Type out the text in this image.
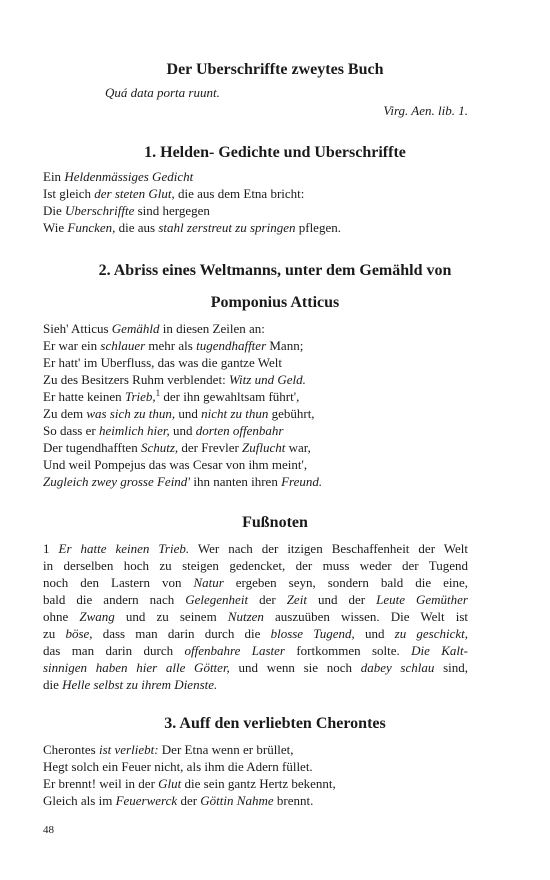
Der Uberschriffte zweytes Buch
Quá data porta ruunt.
Virg. Aen. lib. 1.
1. Helden- Gedichte und Uberschriffte
Ein Heldenmässiges Gedicht
Ist gleich der steten Glut, die aus dem Etna bricht:
Die Uberschriffte sind hergegen
Wie Funcken, die aus stahl zerstreut zu springen pflegen.
2. Abriss eines Weltmanns, unter dem Gemähld von
Pomponius Atticus
Sieh' Atticus Gemähld in diesen Zeilen an:
Er war ein schlauer mehr als tugendhaffter Mann;
Er hatt' im Uberfluss, das was die gantze Welt
Zu des Besitzers Ruhm verblendet: Witz und Geld.
Er hatte keinen Trieb,$^1$ der ihn gewahltsam führt',
Zu dem was sich zu thun, und nicht zu thun gebührt,
So dass er heimlich hier, und dorten offenbahr
Der tugendhafften Schutz, der Frevler Zuflucht war,
Und weil Pompejus das was Cesar von ihm meint',
Zugleich zwey grosse Feind' ihn nanten ihren Freund.
Fußnoten
1 Er hatte keinen Trieb. Wer nach der itzigen Beschaffenheit der Welt
in derselben hoch zu steigen gedencket, der muss weder der Tugend
noch den Lastern von Natur ergeben seyn, sondern bald die eine,
bald die andern nach Gelegenheit der Zeit und der Leute Gemüther
ohne Zwang und zu seinem Nutzen auszuüben wissen. Die Welt ist
zu böse, dass man darin durch die blosse Tugend, und zu geschickt,
das man darin durch offenbahre Laster fortkommen solte. Die Kalt-
sinnigen haben hier alle Götter, und wenn sie noch dabey schlau sind,
die Helle selbst zu ihrem Dienste.
3. Auff den verliebten Cherontes
Cherontes ist verliebt: Der Etna wenn er brüllet,
Hegt solch ein Feuer nicht, als ihm die Adern füllet.
Er brennt! weil in der Glut die sein gantz Hertz bekennt,
Gleich als im Feuerwerck der Göttin Nahme brennt.
48
